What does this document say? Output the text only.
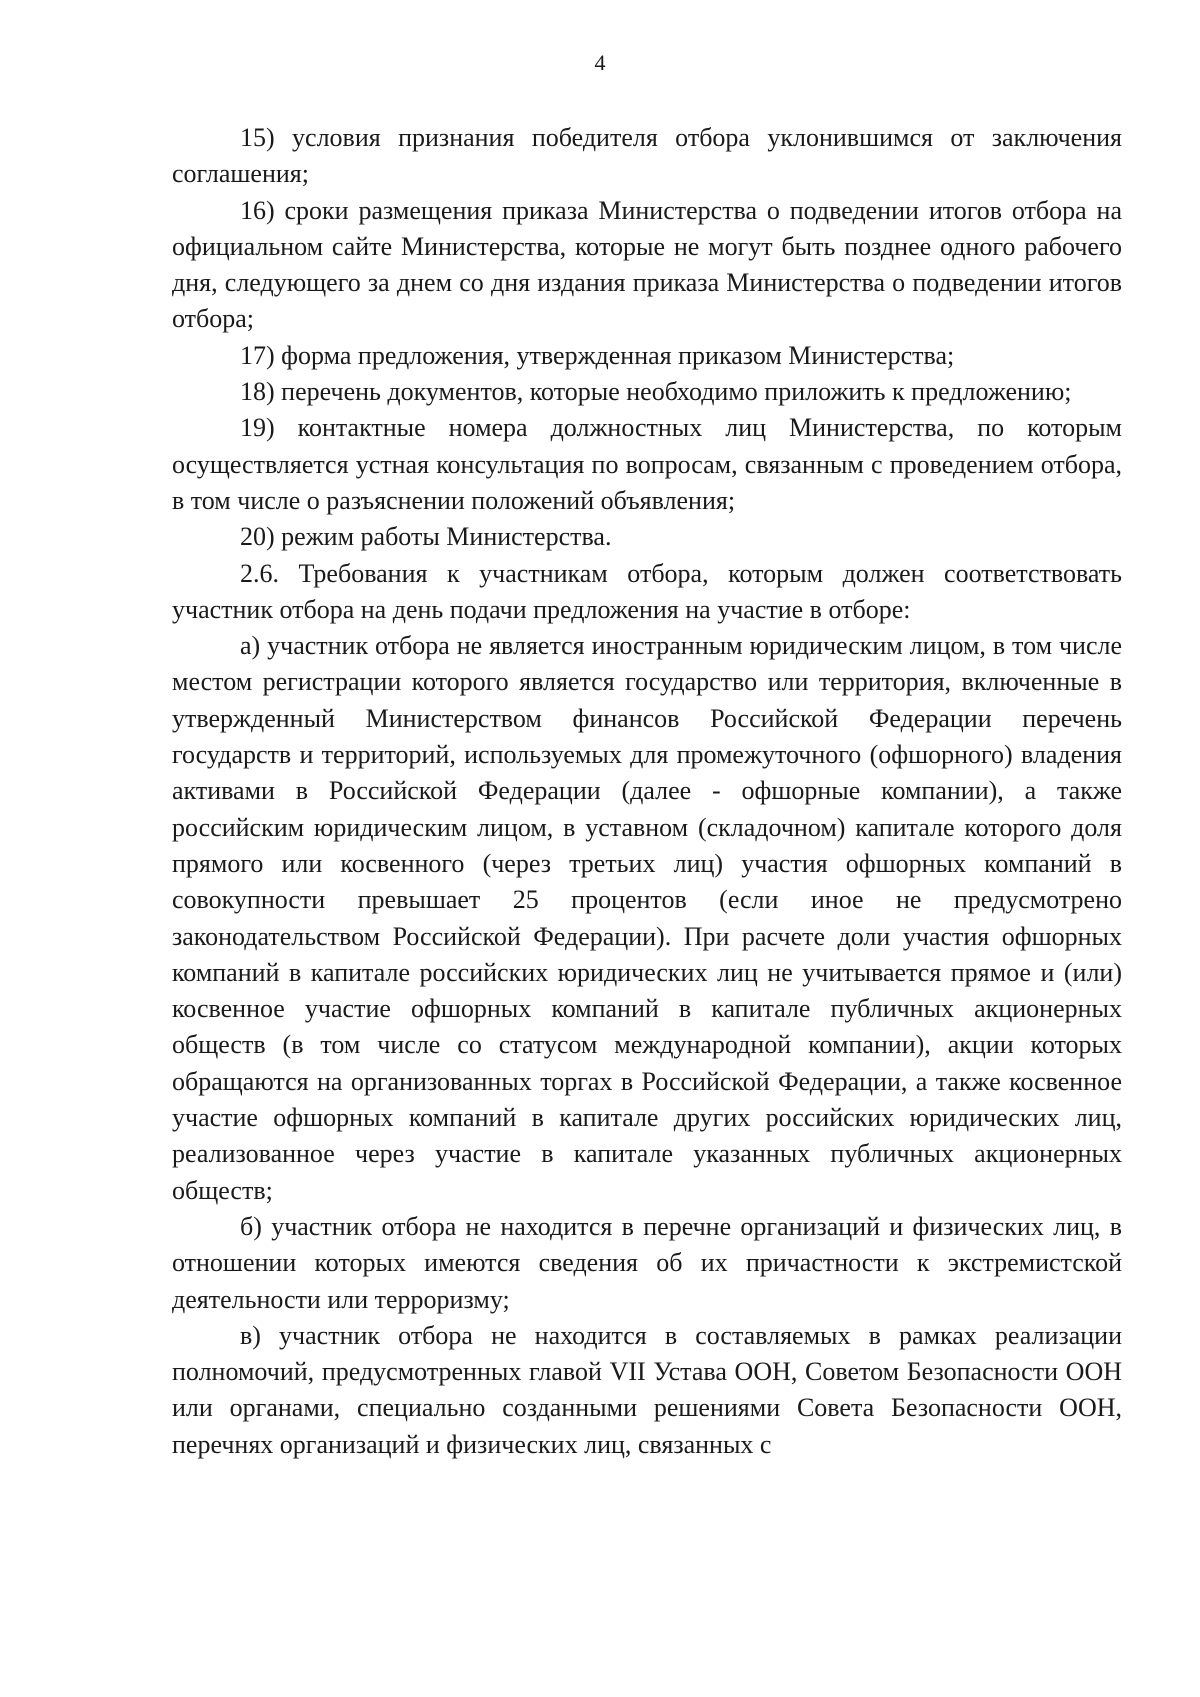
4

15) условия признания победителя отбора уклонившимся от заключения соглашения;

16) сроки размещения приказа Министерства о подведении итогов отбора на официальном сайте Министерства, которые не могут быть позднее одного рабочего дня, следующего за днем со дня издания приказа Министерства о подведении итогов отбора;

17) форма предложения, утвержденная приказом Министерства;

18) перечень документов, которые необходимо приложить к предложению;

19) контактные номера должностных лиц Министерства, по которым осуществляется устная консультация по вопросам, связанным с проведением отбора, в том числе о разъяснении положений объявления;

20) режим работы Министерства.

2.6. Требования к участникам отбора, которым должен соответствовать участник отбора на день подачи предложения на участие в отборе:

а) участник отбора не является иностранным юридическим лицом, в том числе местом регистрации которого является государство или территория, включенные в утвержденный Министерством финансов Российской Федерации перечень государств и территорий, используемых для промежуточного (офшорного) владения активами в Российской Федерации (далее - офшорные компании), а также российским юридическим лицом, в уставном (складочном) капитале которого доля прямого или косвенного (через третьих лиц) участия офшорных компаний в совокупности превышает 25 процентов (если иное не предусмотрено законодательством Российской Федерации). При расчете доли участия офшорных компаний в капитале российских юридических лиц не учитывается прямое и (или) косвенное участие офшорных компаний в капитале публичных акционерных обществ (в том числе со статусом международной компании), акции которых обращаются на организованных торгах в Российской Федерации, а также косвенное участие офшорных компаний в капитале других российских юридических лиц, реализованное через участие в капитале указанных публичных акционерных обществ;

б) участник отбора не находится в перечне организаций и физических лиц, в отношении которых имеются сведения об их причастности к экстремистской деятельности или терроризму;

в) участник отбора не находится в составляемых в рамках реализации полномочий, предусмотренных главой VII Устава ООН, Советом Безопасности ООН или органами, специально созданными решениями Совета Безопасности ООН, перечнях организаций и физических лиц, связанных с
